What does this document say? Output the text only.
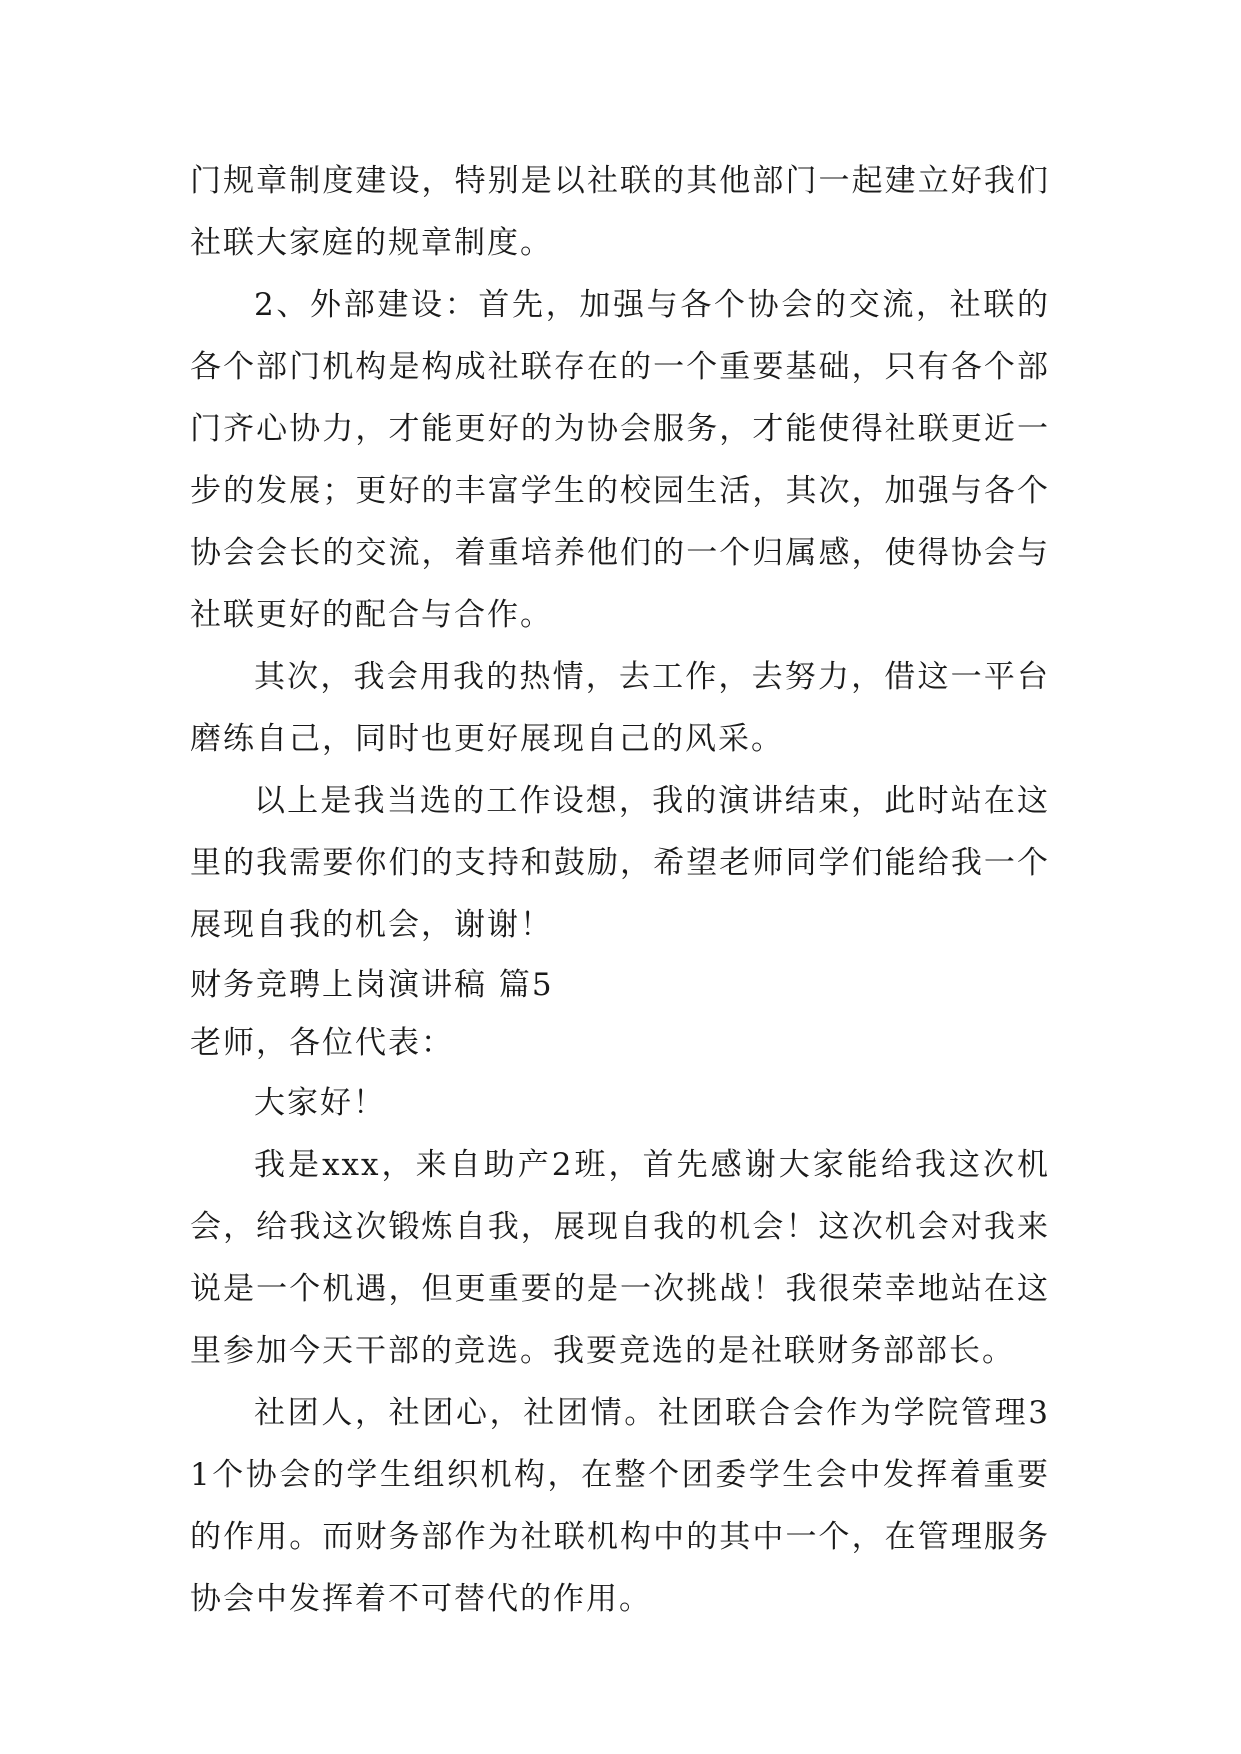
门规章制度建设，特别是以社联的其他部门一起建立好我们社联大家庭的规章制度。

2、外部建设：首先，加强与各个协会的交流，社联的各个部门机构是构成社联存在的一个重要基础，只有各个部门齐心协力，才能更好的为协会服务，才能使得社联更近一步的发展；更好的丰富学生的校园生活，其次，加强与各个协会会长的交流，着重培养他们的一个归属感，使得协会与社联更好的配合与合作。

其次，我会用我的热情，去工作，去努力，借这一平台磨练自己，同时也更好展现自己的风采。

以上是我当选的工作设想，我的演讲结束，此时站在这里的我需要你们的支持和鼓励，希望老师同学们能给我一个展现自我的机会，谢谢！

财务竞聘上岗演讲稿 篇5

老师，各位代表：

大家好！

我是xxx，来自助产2班，首先感谢大家能给我这次机会，给我这次锻炼自我，展现自我的机会！这次机会对我来说是一个机遇，但更重要的是一次挑战！我很荣幸地站在这里参加今天干部的竞选。我要竞选的是社联财务部部长。

社团人，社团心，社团情。社团联合会作为学院管理31个协会的学生组织机构，在整个团委学生会中发挥着重要的作用。而财务部作为社联机构中的其中一个，在管理服务协会中发挥着不可替代的作用。
